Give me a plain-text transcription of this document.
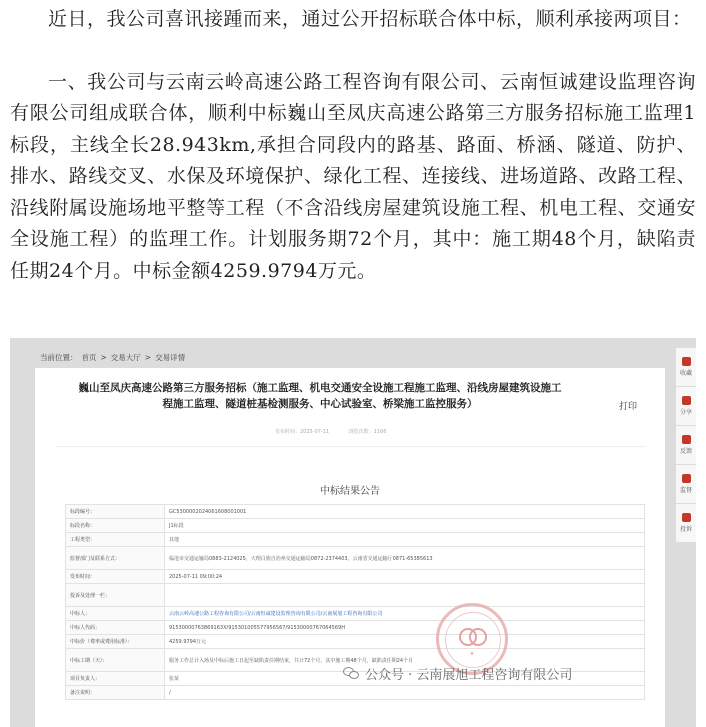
近日，我公司喜讯接踵而来，通过公开招标联合体中标，顺利承接两项目：

一、我公司与云南云岭高速公路工程咨询有限公司、云南恒诚建设监理咨询有限公司组成联合体，顺利中标巍山至凤庆高速公路第三方服务招标施工监理1标段，主线全长28.943km,承担合同段内的路基、路面、桥涵、隧道、防护、排水、路线交叉、水保及环境保护、绿化工程、连接线、进场道路、改路工程、沿线附属设施场地平整等工程（不含沿线房屋建筑设施工程、机电工程、交通安全设施工程）的监理工作。计划服务期72个月，其中：施工期48个月，缺陷责任期24个月。中标金额4259.9794万元。

当前位置： 首页 > 交易大厅 > 交易详情
巍山至凤庆高速公路第三方服务招标（施工监理、机电交通安全设施工程施工监理、沿线房屋建筑设施工程施工监理、隧道桩基检测服务、中心试验室、桥梁施工监控服务）	打印
发布时间：2025-07-11	浏览次数：1166
中标结果公告
标段编号：	GC5300002024061608001001
标段名称：	J1标段
工程类型：	其他
监督部门及联系方式：	临沧市交通运输局0883-2124025，大理白族自治州交通运输局0872-2374403，云南省交通运输厅0871-65385613
发布时间：	2025-07-11 09:00:24
投诉及处理一栏：	
中标人：	云南云岭高速公路工程咨询有限公司/云南恒诚建设监理咨询有限公司/云南展旭工程咨询有限公司
中标人代码：	91530000763869163X/915301005577956567/91530000767064569H
中标价（费率或费用标准）：	4259.9794万元
中标工期（天）：	服务工作总计入场及中标后施工日起至缺陷责任期结束，共计72个月，其中施工期48个月，缺陷责任期24个月
项目负责人：	张某
备注说明：	/
★
收藏
分享
反馈
监督
投诉
公众号 · 云南展旭工程咨询有限公司
